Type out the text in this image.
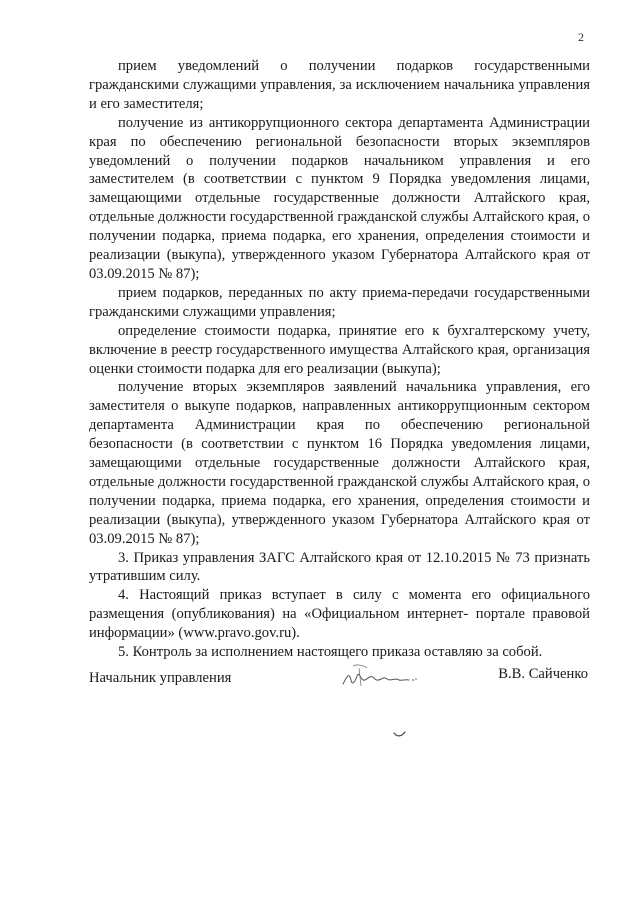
2

прием уведомлений о получении подарков государственными гражданскими служащими управления, за исключением начальника управления и его заместителя;

получение из антикоррупционного сектора департамента Администрации края по обеспечению региональной безопасности вторых экземпляров уведомлений о получении подарков начальником управления и его заместителем (в соответствии с пунктом 9 Порядка уведомления лицами, замещающими отдельные государственные должности Алтайского края, отдельные должности государственной гражданской службы Алтайского края, о получении подарка, приема подарка, его хранения, определения стоимости и реализации (выкупа), утвержденного указом Губернатора Алтайского края от 03.09.2015 № 87);

прием подарков, переданных по акту приема-передачи государственными гражданскими служащими управления;

определение стоимости подарка, принятие его к бухгалтерскому учету, включение в реестр государственного имущества Алтайского края, организация оценки стоимости подарка для его реализации (выкупа);

получение вторых экземпляров заявлений начальника управления, его заместителя о выкупе подарков, направленных антикоррупционным сектором департамента Администрации края по обеспечению региональной безопасности (в соответствии с пунктом 16 Порядка уведомления лицами, замещающими отдельные государственные должности Алтайского края, отдельные должности государственной гражданской службы Алтайского края, о получении подарка, приема подарка, его хранения, определения стоимости и реализации (выкупа), утвержденного указом Губернатора Алтайского края от 03.09.2015 № 87);

3. Приказ управления ЗАГС Алтайского края от 12.10.2015 № 73 признать утратившим силу.

4. Настоящий приказ вступает в силу с момента его официального размещения (опубликования) на «Официальном интернет- портале правовой информации» (www.pravo.gov.ru).

5. Контроль за исполнением настоящего приказа оставляю за собой.

Начальник управления	В.В. Сайченко
